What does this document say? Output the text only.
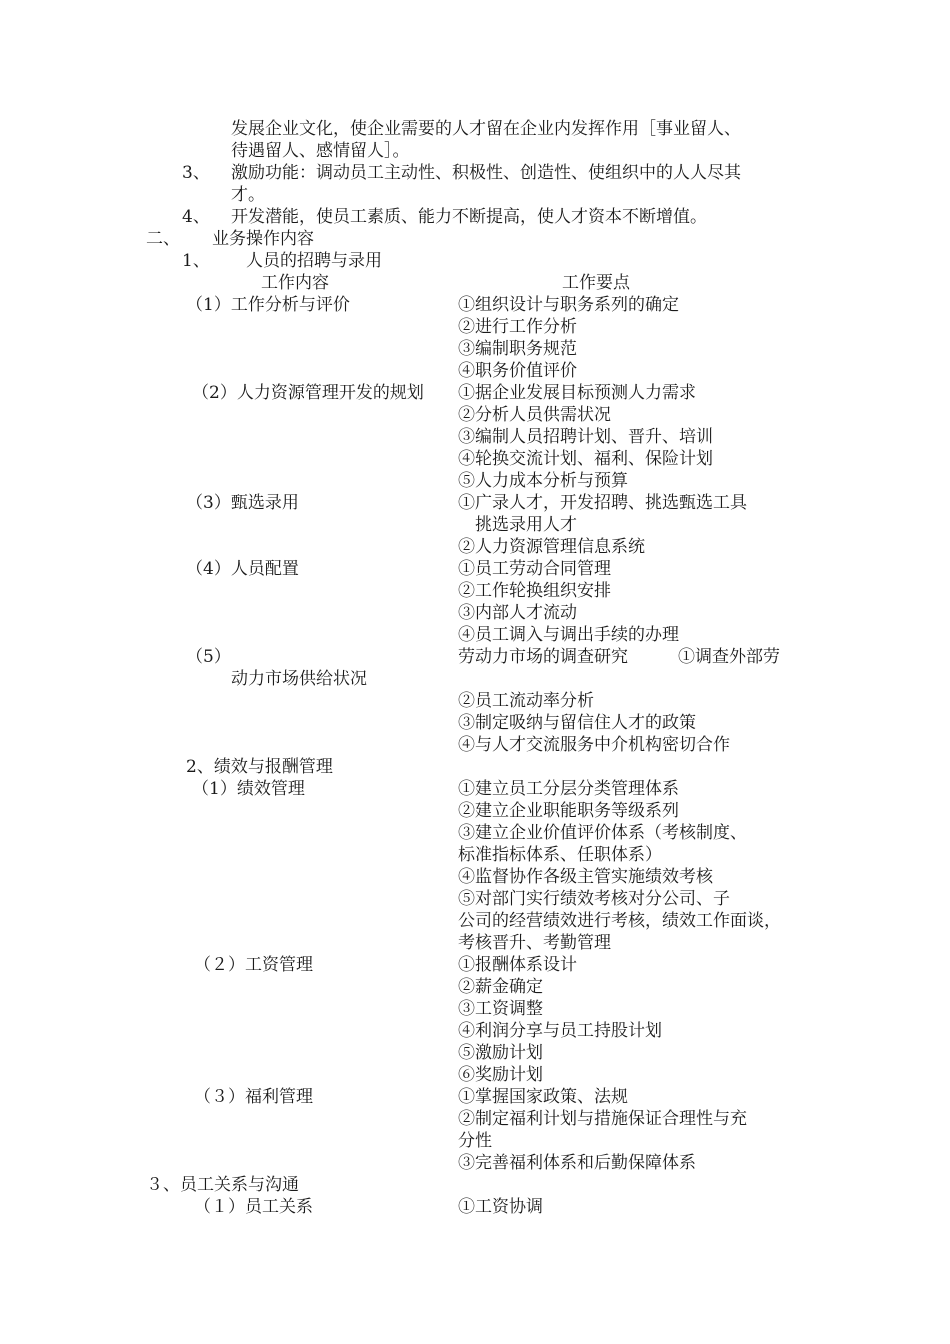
发展企业文化，使企业需要的人才留在企业内发挥作用［事业留人、
待遇留人、感情留人］。
3、 激励功能：调动员工主动性、积极性、创造性、使组织中的人人尽其
才。
4、 开发潜能，使员工素质、能力不断提高，使人才资本不断增值。
二、 业务操作内容
1、 人员的招聘与录用
工作内容	工作要点
（1）工作分析与评价	①组织设计与职务系列的确定
②进行工作分析
③编制职务规范
④职务价值评价
（2）人力资源管理开发的规划 ①据企业发展目标预测人力需求
②分析人员供需状况
③编制人员招聘计划、晋升、培训
④轮换交流计划、福利、保险计划
⑤人力成本分析与预算
（3）甄选录用	①广录人才，开发招聘、挑选甄选工具
挑选录用人才
②人力资源管理信息系统
（4）人员配置	①员工劳动合同管理
②工作轮换组织安排
③内部人才流动
④员工调入与调出手续的办理
（5）	劳动力市场的调查研究	①调查外部劳
动力市场供给状况
②员工流动率分析
③制定吸纳与留信住人才的政策
④与人才交流服务中介机构密切合作
2、绩效与报酬管理
（1）绩效管理	①建立员工分层分类管理体系
②建立企业职能职务等级系列
③建立企业价值评价体系（考核制度、
标准指标体系、任职体系）
④监督协作各级主管实施绩效考核
⑤对部门实行绩效考核对分公司、子
公司的经营绩效进行考核，绩效工作面谈，
考核晋升、考勤管理
（２）工资管理	①报酬体系设计
②薪金确定
③工资调整
④利润分享与员工持股计划
⑤激励计划
⑥奖励计划
（３）福利管理	①掌握国家政策、法规
②制定福利计划与措施保证合理性与充
分性
③完善福利体系和后勤保障体系
３、员工关系与沟通
（１）员工关系	①工资协调
